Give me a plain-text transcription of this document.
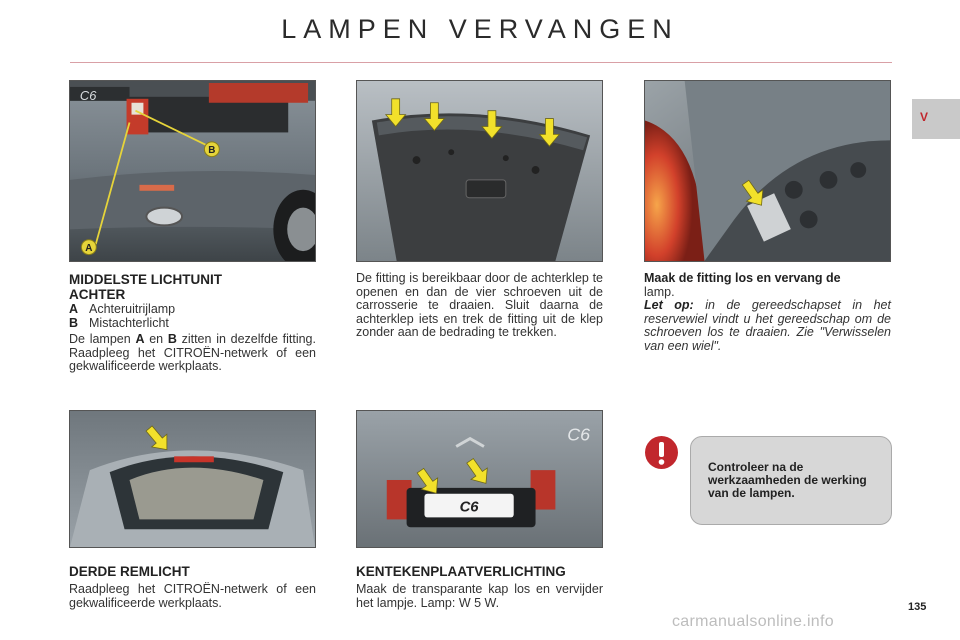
LAMPEN VERVANGEN
V
C6
B
A
C6
C6
MIDDELSTE LICHTUNIT
ACHTER
A Achteruitrijlamp
B Mistachterlicht
De lampen A en B zitten in dezelfde fitting. Raadpleeg het CITROËN-netwerk of een gekwalificeerde werkplaats.
De fitting is bereikbaar door de achterklep te openen en dan de vier schroeven uit de carrosserie te draaien. Sluit daarna de achterklep iets en trek de fitting uit de klep zonder aan de bedrading te trekken.
Maak de fitting los en vervang de
lamp.
Let op: in de gereedschapset in het reservewiel vindt u het gereedschap om de schroeven los te draaien. Zie "Verwisselen van een wiel".
DERDE REMLICHT
Raadpleeg het CITROËN-netwerk of een gekwalificeerde werkplaats.
KENTEKENPLAATVERLICHTING
Maak de transparante kap los en vervijder het lampje. Lamp: W 5 W.
Controleer na de werkzaamheden de werking van de lampen.
135
carmanualsonline.info
